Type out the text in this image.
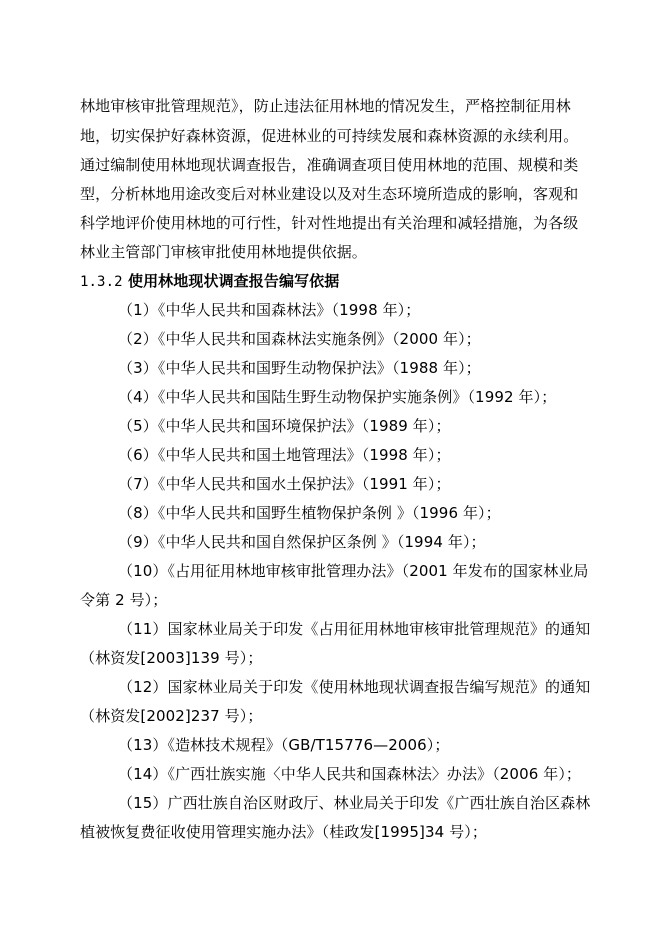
林地审核审批管理规范》，防止违法征用林地的情况发生，严格控制征用林
地，切实保护好森林资源，促进林业的可持续发展和森林资源的永续利用。
通过编制使用林地现状调查报告，准确调查项目使用林地的范围、规模和类
型，分析林地用途改变后对林业建设以及对生态环境所造成的影响，客观和
科学地评价使用林地的可行性，针对性地提出有关治理和减轻措施，为各级
林业主管部门审核审批使用林地提供依据。
1.3.2 使用林地现状调查报告编写依据
（1）《中华人民共和国森林法》（1998 年）；
（2）《中华人民共和国森林法实施条例》（2000 年）；
（3）《中华人民共和国野生动物保护法》（1988 年）；
（4）《中华人民共和国陆生野生动物保护实施条例》（1992 年）；
（5）《中华人民共和国环境保护法》（1989 年）；
（6）《中华人民共和国土地管理法》（1998 年）；
（7）《中华人民共和国水土保护法》（1991 年）；
（8）《中华人民共和国野生植物保护条例 》（1996 年）；
（9）《中华人民共和国自然保护区条例 》（1994 年）；
（10）《占用征用林地审核审批管理办法》（2001 年发布的国家林业局
令第 2 号）；
（11）国家林业局关于印发《占用征用林地审核审批管理规范》的通知
（林资发[2003]139 号）；
（12）国家林业局关于印发《使用林地现状调查报告编写规范》的通知
（林资发[2002]237 号）；
（13）《造林技术规程》（GB/T15776—2006）；
（14）《广西壮族实施〈中华人民共和国森林法〉办法》（2006 年）；
（15）广西壮族自治区财政厅、林业局关于印发《广西壮族自治区森林
植被恢复费征收使用管理实施办法》（桂政发[1995]34 号）；
